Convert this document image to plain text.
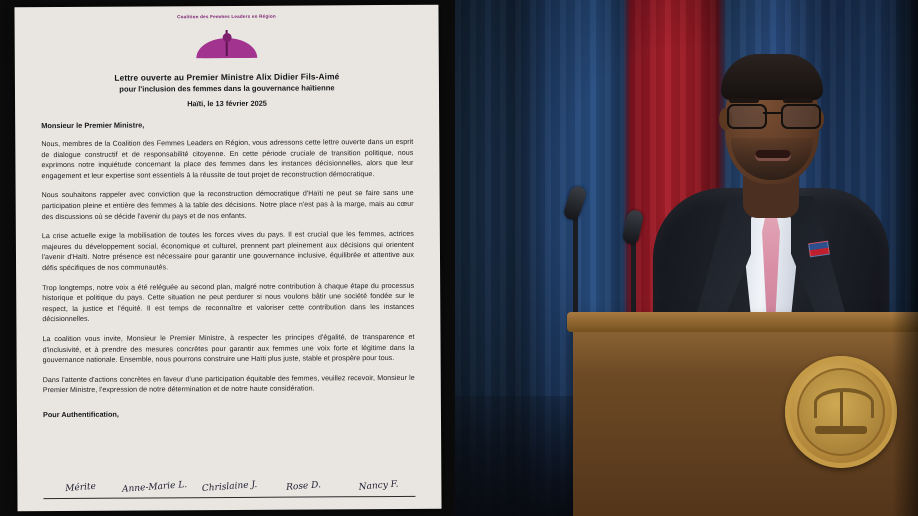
Coalition des Femmes Leaders en Région

Lettre ouverte au Premier Ministre Alix Didier Fils-Aimé
pour l'inclusion des femmes dans la gouvernance haïtienne

Haïti, le 13 février 2025

Monsieur le Premier Ministre,

Nous, membres de la Coalition des Femmes Leaders en Région, vous adressons cette lettre ouverte dans un esprit de dialogue constructif et de responsabilité citoyenne. En cette période cruciale de transition politique, nous exprimons notre inquiétude concernant la place des femmes dans les instances décisionnelles, alors que leur engagement et leur expertise sont essentiels à la réussite de tout projet de reconstruction démocratique.

Nous souhaitons rappeler avec conviction que la reconstruction démocratique d'Haïti ne peut se faire sans une participation pleine et entière des femmes à la table des décisions. Notre place n'est pas à la marge, mais au cœur des discussions où se décide l'avenir du pays et de nos enfants.

La crise actuelle exige la mobilisation de toutes les forces vives du pays. Il est crucial que les femmes, actrices majeures du développement social, économique et culturel, prennent part pleinement aux décisions qui orientent l'avenir d'Haïti. Notre présence est nécessaire pour garantir une gouvernance inclusive, équilibrée et attentive aux défis spécifiques de nos communautés.

Trop longtemps, notre voix a été reléguée au second plan, malgré notre contribution à chaque étape du processus historique et politique du pays. Cette situation ne peut perdurer si nous voulons bâtir une société fondée sur le respect, la justice et l'équité. Il est temps de reconnaître et valoriser cette contribution dans les instances décisionnelles.

La coalition vous invite, Monsieur le Premier Ministre, à respecter les principes d'égalité, de transparence et d'inclusivité, et à prendre des mesures concrètes pour garantir aux femmes une voix forte et légitime dans la gouvernance nationale. Ensemble, nous pourrons construire une Haïti plus juste, stable et prospère pour tous.

Dans l'attente d'actions concrètes en faveur d'une participation équitable des femmes, veuillez recevoir, Monsieur le Premier Ministre, l'expression de notre détermination et de notre haute considération.

Pour Authentification,

Mérite	Anne-Marie L.	Chrislaine J.	Rose D.	Nancy F.
